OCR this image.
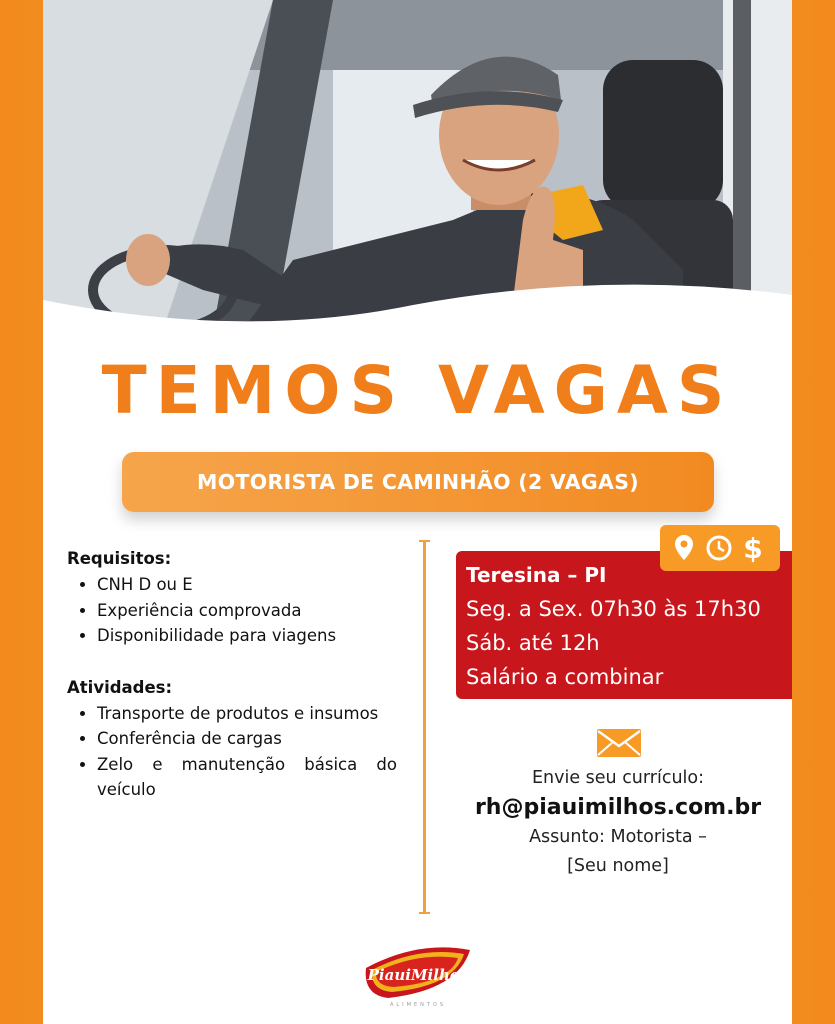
TEMOS VAGAS
MOTORISTA DE CAMINHÃO (2 VAGAS)

Requisitos:

• CNH D ou E
• Experiência comprovada
• Disponibilidade para viagens

Atividades:

• Transporte de produtos e insumos
• Conferência de cargas
• Zelo e manutenção básica do veículo
$
Teresina – PI
Seg. a Sex. 07h30 às 17h30
Sáb. até 12h
Salário a combinar
Envie seu currículo:
rh@piauimilhos.com.br
Assunto: Motorista –
[Seu nome]
PiauiMilhos
ALIMENTOS
